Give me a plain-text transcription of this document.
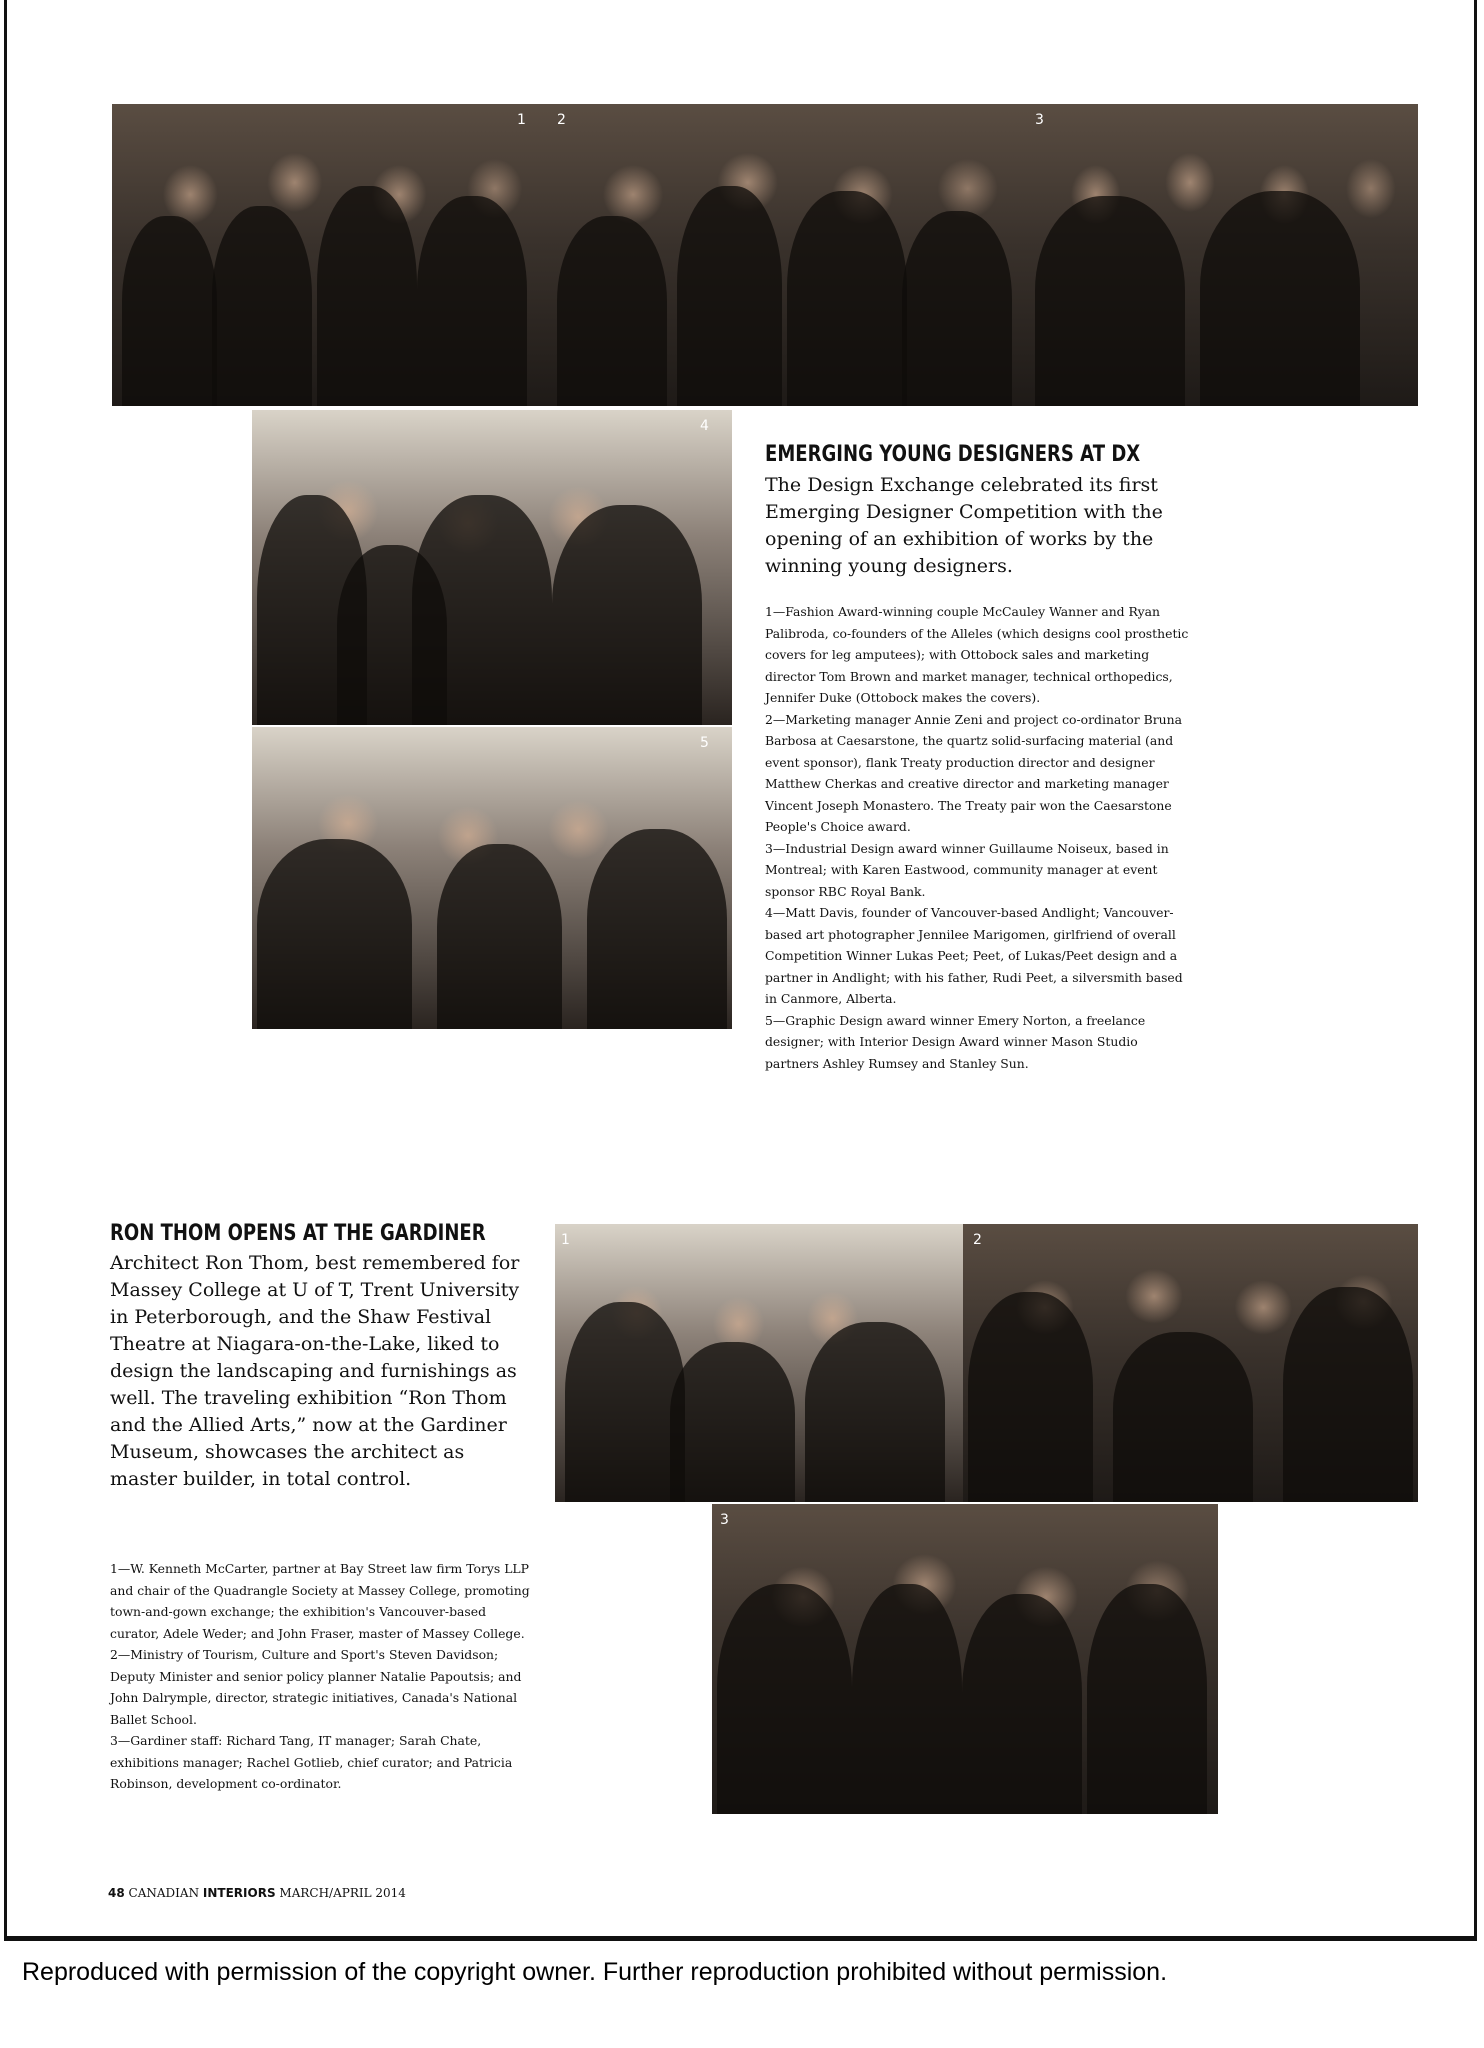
1 2	3
4
5
EMERGING YOUNG DESIGNERS AT DX
The Design Exchange celebrated its first Emerging Designer Competition with the opening of an exhibition of works by the winning young designers.

1—Fashion Award-winning couple McCauley Wanner and Ryan Palibroda, co-founders of the Alleles (which designs cool prosthetic covers for leg amputees); with Ottobock sales and marketing director Tom Brown and market manager, technical orthopedics, Jennifer Duke (Ottobock makes the covers).

2—Marketing manager Annie Zeni and project co-ordinator Bruna Barbosa at Caesarstone, the quartz solid-surfacing material (and event sponsor), flank Treaty production director and designer Matthew Cherkas and creative director and marketing manager Vincent Joseph Monastero. The Treaty pair won the Caesarstone People's Choice award.

3—Industrial Design award winner Guillaume Noiseux, based in Montreal; with Karen Eastwood, community manager at event sponsor RBC Royal Bank.

4—Matt Davis, founder of Vancouver-based Andlight; Vancouver-based art photographer Jennilee Marigomen, girlfriend of overall Competition Winner Lukas Peet; Peet, of Lukas/Peet design and a partner in Andlight; with his father, Rudi Peet, a silversmith based in Canmore, Alberta.

5—Graphic Design award winner Emery Norton, a freelance designer; with Interior Design Award winner Mason Studio partners Ashley Rumsey and Stanley Sun.

RON THOM OPENS AT THE GARDINER
Architect Ron Thom, best remembered for Massey College at U of T, Trent University in Peterborough, and the Shaw Festival Theatre at Niagara-on-the-Lake, liked to design the landscaping and furnishings as well. The traveling exhibition “Ron Thom and the Allied Arts,” now at the Gardiner Museum, showcases the architect as master builder, in total control.

1—W. Kenneth McCarter, partner at Bay Street law firm Torys LLP and chair of the Quadrangle Society at Massey College, promoting town-and-gown exchange; the exhibition's Vancouver-based curator, Adele Weder; and John Fraser, master of Massey College.

2—Ministry of Tourism, Culture and Sport's Steven Davidson; Deputy Minister and senior policy planner Natalie Papoutsis; and John Dalrymple, director, strategic initiatives, Canada's National Ballet School.

3—Gardiner staff: Richard Tang, IT manager; Sarah Chate, exhibitions manager; Rachel Gotlieb, chief curator; and Patricia Robinson, development co-ordinator.

1	2
3
48 CANADIAN INTERIORS MARCH/APRIL 2014
Reproduced with permission of the copyright owner. Further reproduction prohibited without permission.
